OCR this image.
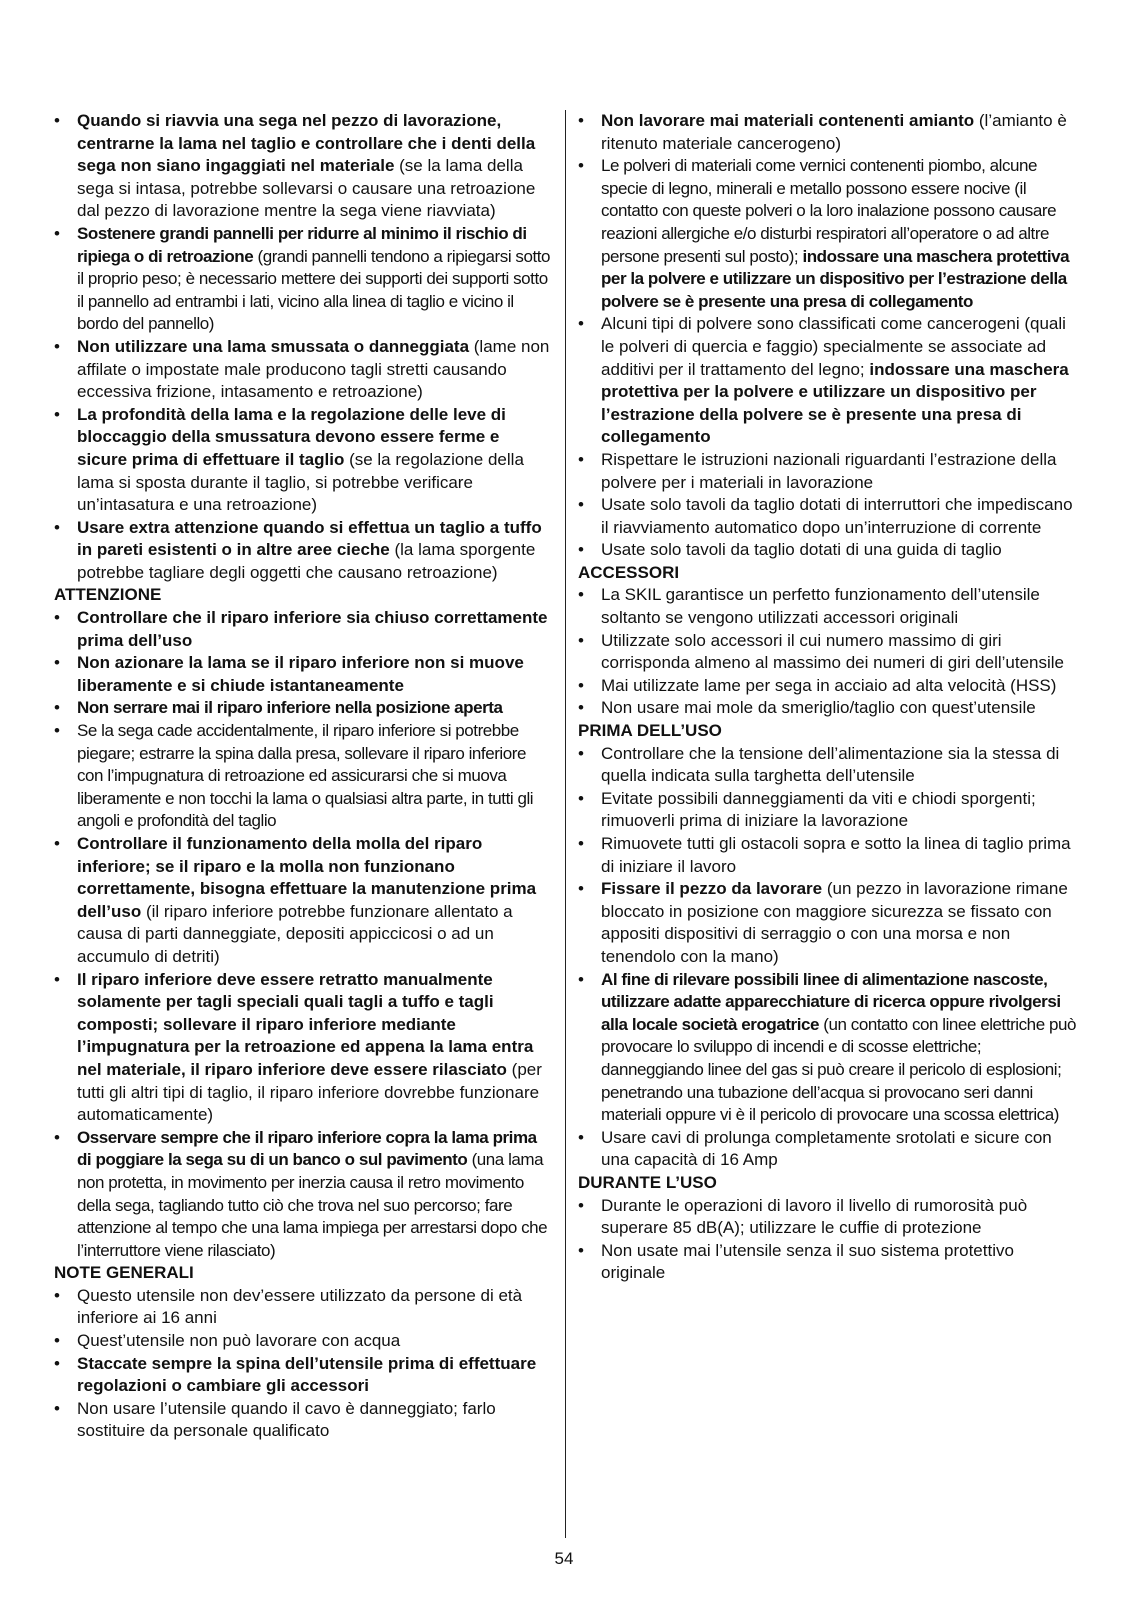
• Quando si riavvia una sega nel pezzo di lavorazione, centrarne la lama nel taglio e controllare che i denti della sega non siano ingaggiati nel materiale (se la lama della sega si intasa, potrebbe sollevarsi o causare una retroazione dal pezzo di lavorazione mentre la sega viene riavviata)
• Sostenere grandi pannelli per ridurre al minimo il rischio di ripiega o di retroazione (grandi pannelli tendono a ripiegarsi sotto il proprio peso; è necessario mettere dei supporti dei supporti sotto il pannello ad entrambi i lati, vicino alla linea di taglio e vicino il bordo del pannello)
• Non utilizzare una lama smussata o danneggiata (lame non affilate o impostate male producono tagli stretti causando eccessiva frizione, intasamento e retroazione)
• La profondità della lama e la regolazione delle leve di bloccaggio della smussatura devono essere ferme e sicure prima di effettuare il taglio (se la regolazione della lama si sposta durante il taglio, si potrebbe verificare un’intasatura e una retroazione)
• Usare extra attenzione quando si effettua un taglio a tuffo in pareti esistenti o in altre aree cieche (la lama sporgente potrebbe tagliare degli oggetti che causano retroazione)
ATTENZIONE
• Controllare che il riparo inferiore sia chiuso correttamente prima dell’uso
• Non azionare la lama se il riparo inferiore non si muove liberamente e si chiude istantaneamente
• Non serrare mai il riparo inferiore nella posizione aperta
• Se la sega cade accidentalmente, il riparo inferiore si potrebbe piegare; estrarre la spina dalla presa, sollevare il riparo inferiore con l’impugnatura di retroazione ed assicurarsi che si muova liberamente e non tocchi la lama o qualsiasi altra parte, in tutti gli angoli e profondità del taglio
• Controllare il funzionamento della molla del riparo inferiore; se il riparo e la molla non funzionano correttamente, bisogna effettuare la manutenzione prima dell’uso (il riparo inferiore potrebbe funzionare allentato a causa di parti danneggiate, depositi appiccicosi o ad un accumulo di detriti)
• Il riparo inferiore deve essere retratto manualmente solamente per tagli speciali quali tagli a tuffo e tagli composti; sollevare il riparo inferiore mediante l’impugnatura per la retroazione ed appena la lama entra nel materiale, il riparo inferiore deve essere rilasciato (per tutti gli altri tipi di taglio, il riparo inferiore dovrebbe funzionare automaticamente)
• Osservare sempre che il riparo inferiore copra la lama prima di poggiare la sega su di un banco o sul pavimento (una lama non protetta, in movimento per inerzia causa il retro movimento della sega, tagliando tutto ciò che trova nel suo percorso; fare attenzione al tempo che una lama impiega per arrestarsi dopo che l’interruttore viene rilasciato)
NOTE GENERALI
• Questo utensile non dev’essere utilizzato da persone di età inferiore ai 16 anni
• Quest’utensile non può lavorare con acqua
• Staccate sempre la spina dell’utensile prima di effettuare regolazioni o cambiare gli accessori
• Non usare l’utensile quando il cavo è danneggiato; farlo sostituire da personale qualificato
• Non lavorare mai materiali contenenti amianto (l’amianto è ritenuto materiale cancerogeno)
• Le polveri di materiali come vernici contenenti piombo, alcune specie di legno, minerali e metallo possono essere nocive (il contatto con queste polveri o la loro inalazione possono causare reazioni allergiche e/o disturbi respiratori all’operatore o ad altre persone presenti sul posto); indossare una maschera protettiva per la polvere e utilizzare un dispositivo per l’estrazione della polvere se è presente una presa di collegamento
• Alcuni tipi di polvere sono classificati come cancerogeni (quali le polveri di quercia e faggio) specialmente se associate ad additivi per il trattamento del legno; indossare una maschera protettiva per la polvere e utilizzare un dispositivo per l’estrazione della polvere se è presente una presa di collegamento
• Rispettare le istruzioni nazionali riguardanti l’estrazione della polvere per i materiali in lavorazione
• Usate solo tavoli da taglio dotati di interruttori che impediscano il riavviamento automatico dopo un’interruzione di corrente
• Usate solo tavoli da taglio dotati di una guida di taglio
ACCESSORI
• La SKIL garantisce un perfetto funzionamento dell’utensile soltanto se vengono utilizzati accessori originali
• Utilizzate solo accessori il cui numero massimo di giri corrisponda almeno al massimo dei numeri di giri dell’utensile
• Mai utilizzate lame per sega in acciaio ad alta velocità (HSS)
• Non usare mai mole da smeriglio/taglio con quest’utensile
PRIMA DELL’USO
• Controllare che la tensione dell’alimentazione sia la stessa di quella indicata sulla targhetta dell’utensile
• Evitate possibili danneggiamenti da viti e chiodi sporgenti; rimuoverli prima di iniziare la lavorazione
• Rimuovete tutti gli ostacoli sopra e sotto la linea di taglio prima di iniziare il lavoro
• Fissare il pezzo da lavorare (un pezzo in lavorazione rimane bloccato in posizione con maggiore sicurezza se fissato con appositi dispositivi di serraggio o con una morsa e non tenendolo con la mano)
• Al fine di rilevare possibili linee di alimentazione nascoste, utilizzare adatte apparecchiature di ricerca oppure rivolgersi alla locale società erogatrice (un contatto con linee elettriche può provocare lo sviluppo di incendi e di scosse elettriche; danneggiando linee del gas si può creare il pericolo di esplosioni; penetrando una tubazione dell’acqua si provocano seri danni materiali oppure vi è il pericolo di provocare una scossa elettrica)
• Usare cavi di prolunga completamente srotolati e sicure con una capacità di 16 Amp
DURANTE L’USO
• Durante le operazioni di lavoro il livello di rumorosità può superare 85 dB(A); utilizzare le cuffie di protezione
• Non usate mai l’utensile senza il suo sistema protettivo originale
54
